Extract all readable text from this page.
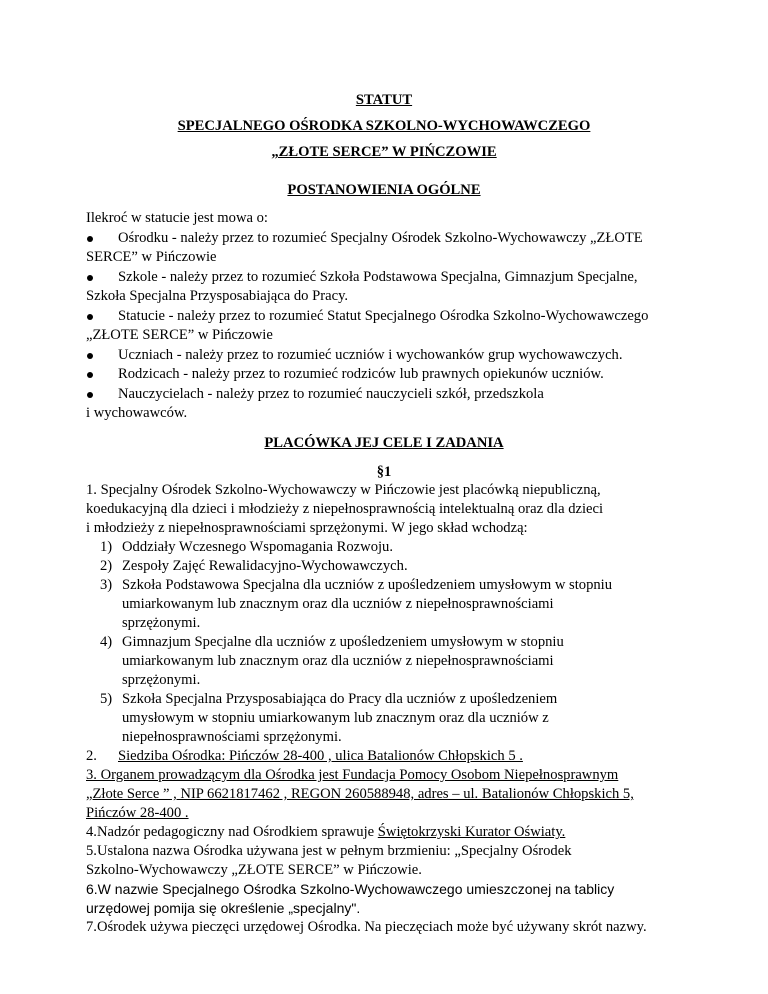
STATUT
SPECJALNEGO OŚRODKA SZKOLNO-WYCHOWAWCZEGO
„ZŁOTE SERCE” W PIŃCZOWIE
POSTANOWIENIA OGÓLNE
Ilekroć w statucie jest mowa o:
Ośrodku - należy przez to rozumieć Specjalny Ośrodek Szkolno-Wychowawczy „ZŁOTE
SERCE” w Pińczowie
Szkole - należy przez to rozumieć Szkoła Podstawowa Specjalna, Gimnazjum Specjalne,
Szkoła Specjalna Przysposabiająca do Pracy.
Statucie - należy przez to rozumieć Statut Specjalnego Ośrodka Szkolno-Wychowawczego
„ZŁOTE SERCE” w Pińczowie
Uczniach - należy przez to rozumieć uczniów i wychowanków grup wychowawczych.
Rodzicach - należy przez to rozumieć rodziców lub prawnych opiekunów uczniów.
Nauczycielach - należy przez to rozumieć nauczycieli szkół, przedszkola
i wychowawców.
PLACÓWKA JEJ CELE I ZADANIA
§1
1. Specjalny Ośrodek Szkolno-Wychowawczy w Pińczowie jest placówką niepubliczną,
koedukacyjną dla dzieci i młodzieży z niepełnosprawnością intelektualną oraz dla dzieci
i młodzieży z niepełnosprawnościami sprzężonymi. W jego skład wchodzą:
1) Oddziały Wczesnego Wspomagania Rozwoju.
2) Zespoły Zajęć Rewalidacyjno-Wychowawczych.
3) Szkoła Podstawowa Specjalna dla uczniów z upośledzeniem umysłowym w stopniu
umiarkowanym lub znacznym oraz dla uczniów z niepełnosprawnościami
sprzężonymi.
4) Gimnazjum Specjalne dla uczniów z upośledzeniem umysłowym w stopniu
umiarkowanym lub znacznym oraz dla uczniów z niepełnosprawnościami
sprzężonymi.
5) Szkoła Specjalna Przysposabiająca do Pracy dla uczniów z upośledzeniem
umysłowym w stopniu umiarkowanym lub znacznym oraz dla uczniów z
niepełnosprawnościami sprzężonymi.
2. Siedziba Ośrodka: Pińczów 28-400 , ulica Batalionów Chłopskich 5 .
3. Organem prowadzącym dla Ośrodka jest Fundacja Pomocy Osobom Niepełnosprawnym
„Złote Serce ” , NIP 6621817462 , REGON 260588948, adres – ul. Batalionów Chłopskich 5,
Pińczów 28-400 .
4.Nadzór pedagogiczny nad Ośrodkiem sprawuje Świętokrzyski Kurator Oświaty.
5.Ustalona nazwa Ośrodka używana jest w pełnym brzmieniu: „Specjalny Ośrodek
Szkolno-Wychowawczy „ZŁOTE SERCE” w Pińczowie.
6.W nazwie Specjalnego Ośrodka Szkolno-Wychowawczego umieszczonej na tablicy
urzędowej pomija się określenie „specjalny".
7.Ośrodek używa pieczęci urzędowej Ośrodka. Na pieczęciach może być używany skrót nazwy.
